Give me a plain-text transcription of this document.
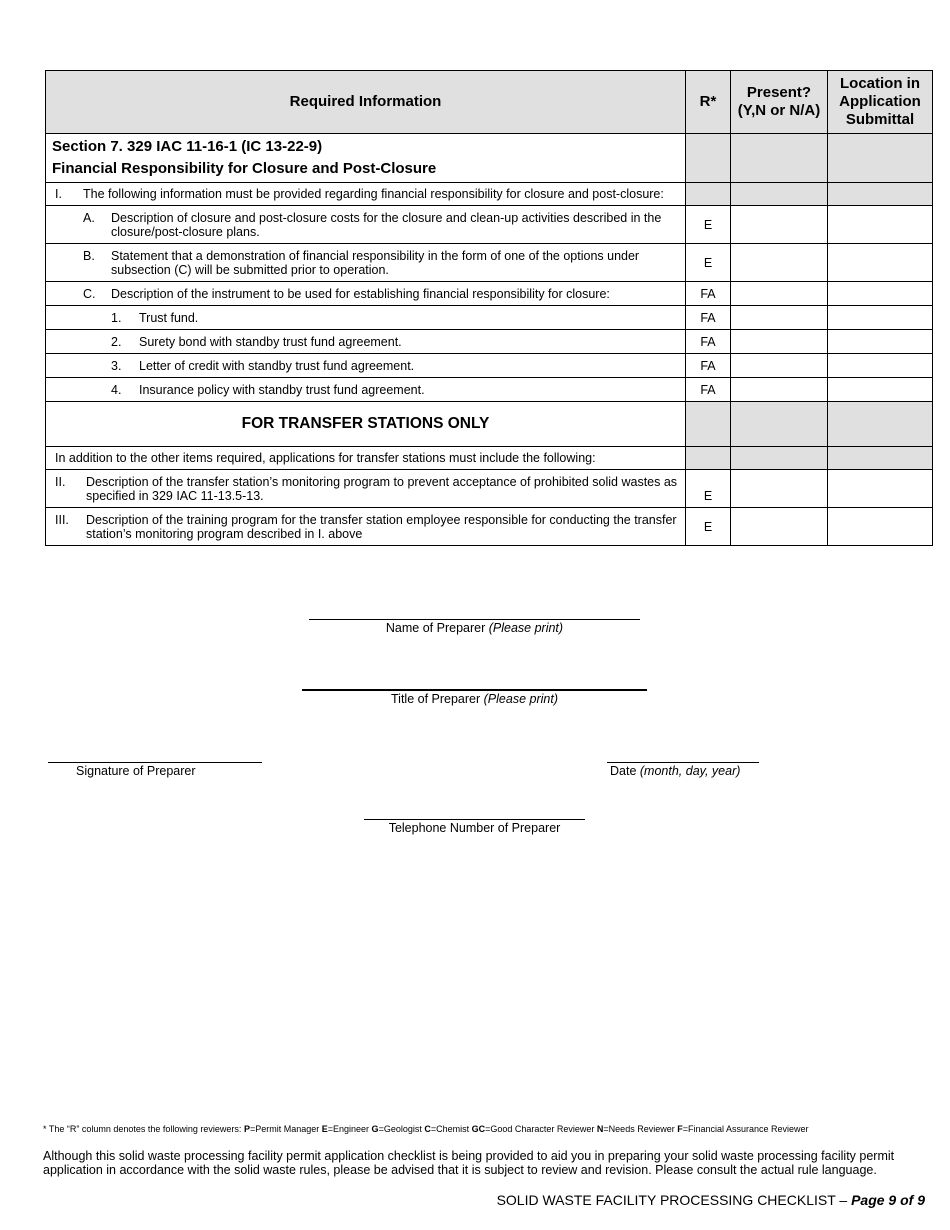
Required Information	R*	Present? (Y,N or N/A)	Location in Application Submittal

Section 7. 329 IAC 11-16-1 (IC 13-22-9)
Financial Responsibility for Closure and Post-Closure			

I. The following information must be provided regarding financial responsibility for closure and post-closure:			

A. Description of closure and post-closure costs for the closure and clean-up activities described in the closure/post-closure plans.	E		

B. Statement that a demonstration of financial responsibility in the form of one of the options under subsection (C) will be submitted prior to operation.	E		

C. Description of the instrument to be used for establishing financial responsibility for closure:	FA		

1. Trust fund.	FA		

2. Surety bond with standby trust fund agreement.	FA		

3. Letter of credit with standby trust fund agreement.	FA		

4. Insurance policy with standby trust fund agreement.	FA		
FOR TRANSFER STATIONS ONLY			
In addition to the other items required, applications for transfer stations must include the following:			

II. Description of the transfer station’s monitoring program to prevent acceptance of prohibited solid wastes as specified in 329 IAC 11-13.5-13.	E		

III. Description of the training program for the transfer station employee responsible for conducting the transfer station’s monitoring program described in I. above	E		
Name of Preparer (Please print)
Title of Preparer (Please print)
Signature of Preparer	Date (month, day, year)
Telephone Number of Preparer
* The “R” column denotes the following reviewers: P=Permit Manager E=Engineer G=Geologist C=Chemist GC=Good Character Reviewer N=Needs Reviewer F=Financial Assurance Reviewer
Although this solid waste processing facility permit application checklist is being provided to aid you in preparing your solid waste processing facility permit application in accordance with the solid waste rules, please be advised that it is subject to review and revision. Please consult the actual rule language.
SOLID WASTE FACILITY PROCESSING CHECKLIST – Page 9 of 9
